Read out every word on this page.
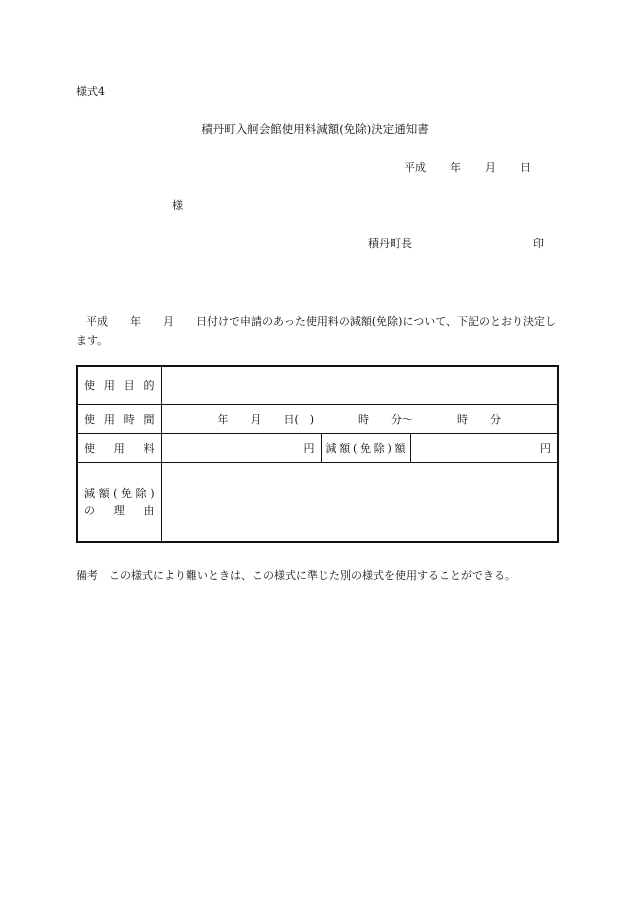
様式4
積丹町入舸会館使用料減額(免除)決定通知書
平成 年 月 日
様
積丹町長	印
平成　　年　　月　　日付けで申請のあった使用料の減額(免除)について、下記のとおり決定します。
使用目的			
使用時間	年　　月　　日(　)　　　　時　　分～　　　　時　　分		
使用料	円	減額(免除)額	円

減額(免除)
の理由			

備考　この様式により難いときは、この様式に準じた別の様式を使用することができる。
